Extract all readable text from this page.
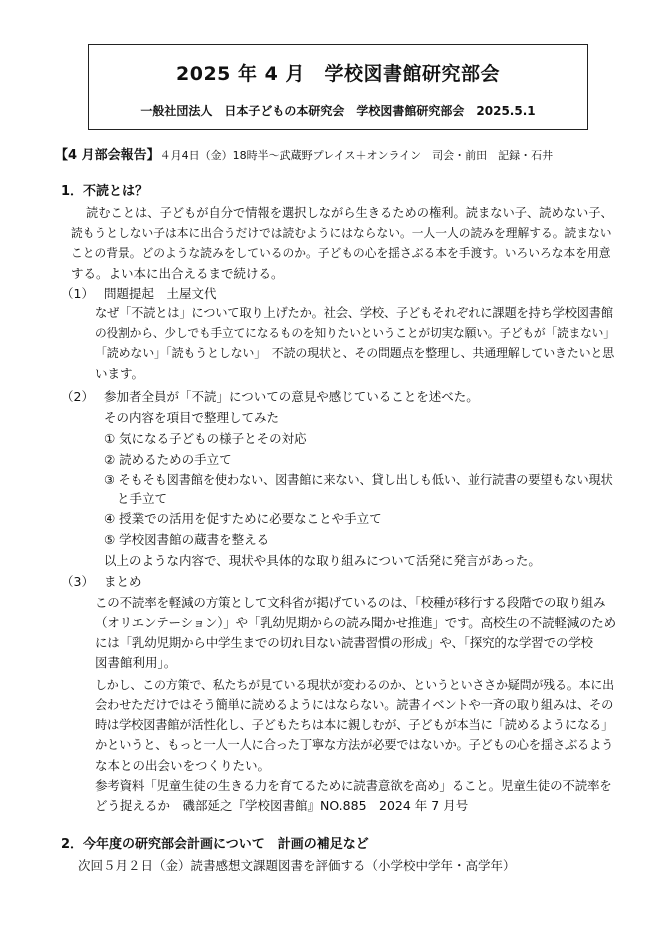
2025 年 4 月　学校図書館研究部会
一般社団法人　日本子どもの本研究会　学校図書館研究部会　2025.5.1
【4 月部会報告】４月4日（金）18時半～武蔵野プレイス＋オンライン　司会・前田　記録・石井
1．不読とは？
読むことは、子どもが自分で情報を選択しながら生きるための権利。読まない子、読めない子、
読もうとしない子は本に出合うだけでは読むようにはならない。一人一人の読みを理解する。読まない
ことの背景。どのような読みをしているのか。子どもの心を揺さぶる本を手渡す。いろいろな本を用意
する。よい本に出合えるまで続ける。
（1） 問題提起　土屋文代
なぜ「不読とは」について取り上げたか。社会、学校、子どもそれぞれに課題を持ち学校図書館
の役割から、少しでも手立てになるものを知りたいということが切実な願い。子どもが「読まない」
「読めない」「読もうとしない」　不読の現状と、その問題点を整理し、共通理解していきたいと思
います。
（2） 参加者全員が「不読」についての意見や感じていることを述べた。
その内容を項目で整理してみた
① 気になる子どもの様子とその対応
② 読めるための手立て
③ そもそも図書館を使わない、図書館に来ない、貸し出しも低い、並行読書の要望もない現状
と手立て
④ 授業での活用を促すために必要なことや手立て
⑤ 学校図書館の蔵書を整える
以上のような内容で、現状や具体的な取り組みについて活発に発言があった。
（3） まとめ
この不読率を軽減の方策として文科省が掲げているのは、「校種が移行する段階での取り組み
（オリエンテーション）」や「乳幼児期からの読み聞かせ推進」です。高校生の不読軽減のため
には「乳幼児期から中学生までの切れ目ない読書習慣の形成」や、「探究的な学習での学校
図書館利用」。
しかし、この方策で、私たちが見ている現状が変わるのか、というといささか疑問が残る。本に出
会わせただけではそう簡単に読めるようにはならない。読書イベントや一斉の取り組みは、その
時は学校図書館が活性化し、子どもたちは本に親しむが、子どもが本当に「読めるようになる」
かというと、もっと一人一人に合った丁寧な方法が必要ではないか。子どもの心を揺さぶるよう
な本との出会いをつくりたい。
参考資料「児童生徒の生きる力を育てるために読書意欲を高め」ること。児童生徒の不読率を
どう捉えるか　磯部延之『学校図書館』NO.885　2024 年 7 月号
2．今年度の研究部会計画について　計画の補足など
次回５月２日（金）読書感想文課題図書を評価する（小学校中学年・高学年）
